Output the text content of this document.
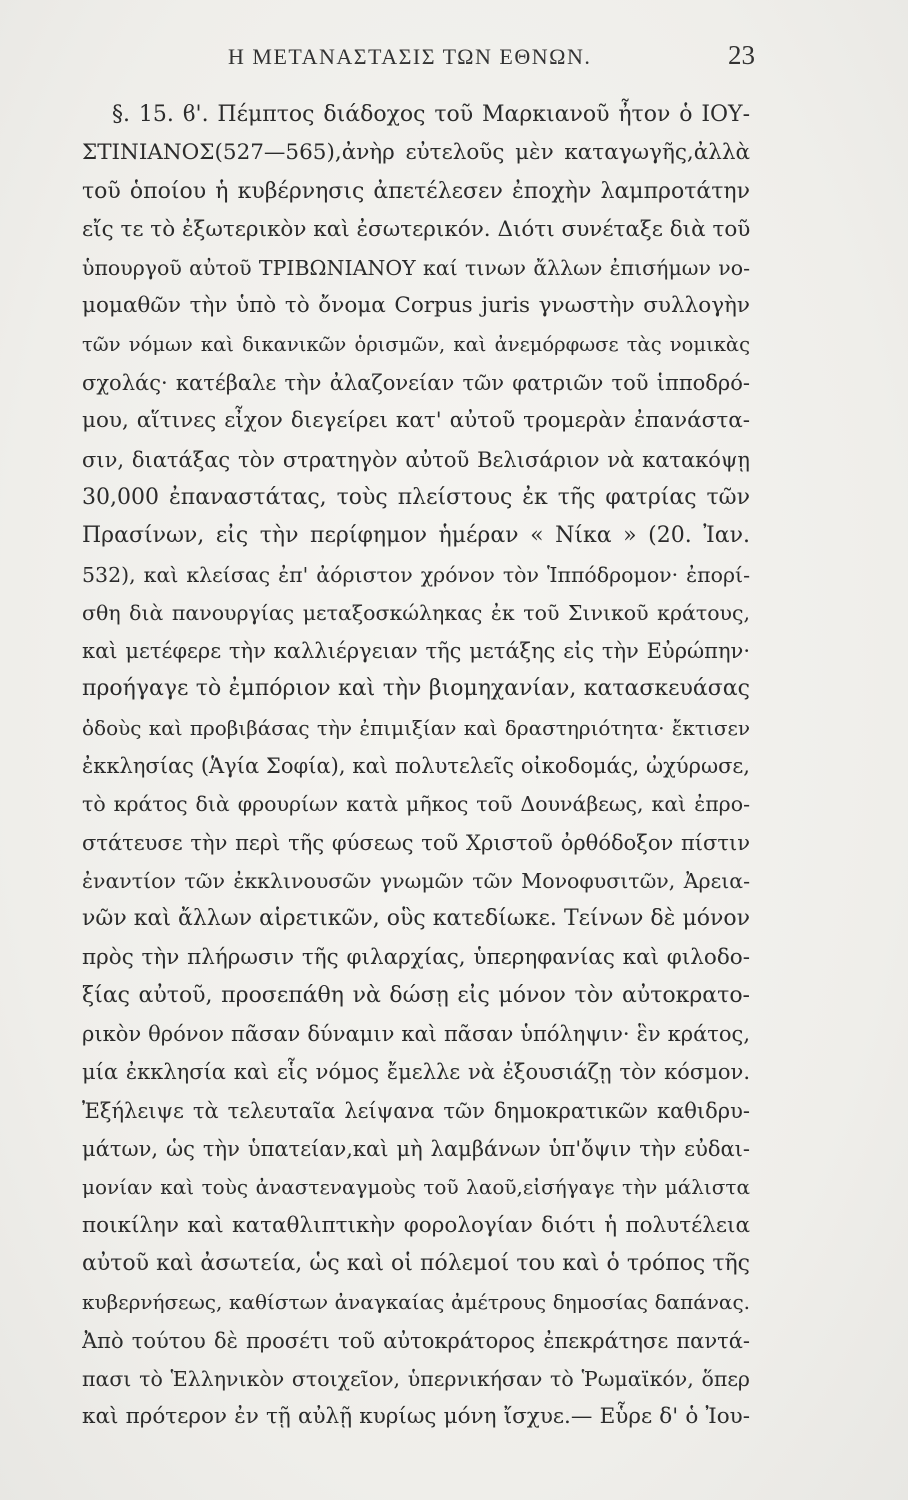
Η ΜΕΤΑΝΑΣΤΑΣΙΣ ΤΩΝ ΕΘΝΩΝ.	23
§. 15. ϐ'. Πέμπτος διάδοχος τοῦ Μαρκιανοῦ ἦτον ὁ ΙΟΥ-
ΣΤΙΝΙΑΝΟΣ(527—565),ἀνὴρ εὐτελοῦς μὲν καταγωγῆς,ἀλλὰ
τοῦ ὁποίου ἡ κυβέρνησις ἀπετέλεσεν ἐποχὴν λαμπροτάτην
εἴς τε τὸ ἐξωτερικὸν καὶ ἐσωτερικόν. Διότι συνέταξε διὰ τοῦ
ὑπουργοῦ αὐτοῦ ΤΡΙΒΩΝΙΑΝΟΥ καί τινων ἄλλων ἐπισήμων νο-
μομαθῶν τὴν ὑπὸ τὸ ὄνομα Corpus juris γνωστὴν συλλογὴν
τῶν νόμων καὶ δικανικῶν ὁρισμῶν, καὶ ἀνεμόρφωσε τὰς νομικὰς
σχολάς· κατέβαλε τὴν ἀλαζονείαν τῶν φατριῶν τοῦ ἱπποδρό-
μου, αἵτινες εἶχον διεγείρει κατ' αὐτοῦ τρομερὰν ἐπανάστα-
σιν, διατάξας τὸν στρατηγὸν αὐτοῦ Βελισάριον νὰ κατακόψῃ
30,000 ἐπαναστάτας, τοὺς πλείστους ἐκ τῆς φατρίας τῶν
Πρασίνων, εἰς τὴν περίφημον ἡμέραν « Νίκα » (20. Ἰαν.
532), καὶ κλείσας ἐπ' ἀόριστον χρόνον τὸν Ἱππόδρομον· ἐπορί-
σθη διὰ πανουργίας μεταξοσκώληκας ἐκ τοῦ Σινικοῦ κράτους,
καὶ μετέφερε τὴν καλλιέργειαν τῆς μετάξης εἰς τὴν Εὐρώπην·
προήγαγε τὸ ἐμπόριον καὶ τὴν βιομηχανίαν, κατασκευάσας
ὁδοὺς καὶ προβιβάσας τὴν ἐπιμιξίαν καὶ δραστηριότητα· ἔκτισεν
ἐκκλησίας (Ἁγία Σοφία), καὶ πολυτελεῖς οἰκοδομάς, ὠχύρωσε,
τὸ κράτος διὰ φρουρίων κατὰ μῆκος τοῦ Δουνάβεως, καὶ ἐπρο-
στάτευσε τὴν περὶ τῆς φύσεως τοῦ Χριστοῦ ὀρθόδοξον πίστιν
ἐναντίον τῶν ἐκκλινουσῶν γνωμῶν τῶν Μονοφυσιτῶν, Ἀρεια-
νῶν καὶ ἄλλων αἱρετικῶν, οὓς κατεδίωκε. Τείνων δὲ μόνον
πρὸς τὴν πλήρωσιν τῆς φιλαρχίας, ὑπερηφανίας καὶ φιλοδο-
ξίας αὐτοῦ, προσεπάθη νὰ δώσῃ εἰς μόνον τὸν αὐτοκρατο-
ρικὸν θρόνον πᾶσαν δύναμιν καὶ πᾶσαν ὑπόληψιν· ἓν κράτος,
μία ἐκκλησία καὶ εἷς νόμος ἔμελλε νὰ ἐξουσιάζῃ τὸν κόσμον.
Ἐξήλειψε τὰ τελευταῖα λείψανα τῶν δημοκρατικῶν καθιδρυ-
μάτων, ὡς τὴν ὑπατείαν,καὶ μὴ λαμβάνων ὑπ'ὄψιν τὴν εὐδαι-
μονίαν καὶ τοὺς ἀναστεναγμοὺς τοῦ λαοῦ,εἰσήγαγε τὴν μάλιστα
ποικίλην καὶ καταθλιπτικὴν φορολογίαν διότι ἡ πολυτέλεια
αὐτοῦ καὶ ἀσωτεία, ὡς καὶ οἱ πόλεμοί του καὶ ὁ τρόπος τῆς
κυβερνήσεως, καθίστων ἀναγκαίας ἀμέτρους δημοσίας δαπάνας.
Ἀπὸ τούτου δὲ προσέτι τοῦ αὐτοκράτορος ἐπεκράτησε παντά-
πασι τὸ Ἑλληνικὸν στοιχεῖον, ὑπερνικήσαν τὸ Ῥωμαϊκόν, ὅπερ
καὶ πρότερον ἐν τῇ αὐλῇ κυρίως μόνη ἴσχυε.— Εὗρε δ' ὁ Ἰου-
